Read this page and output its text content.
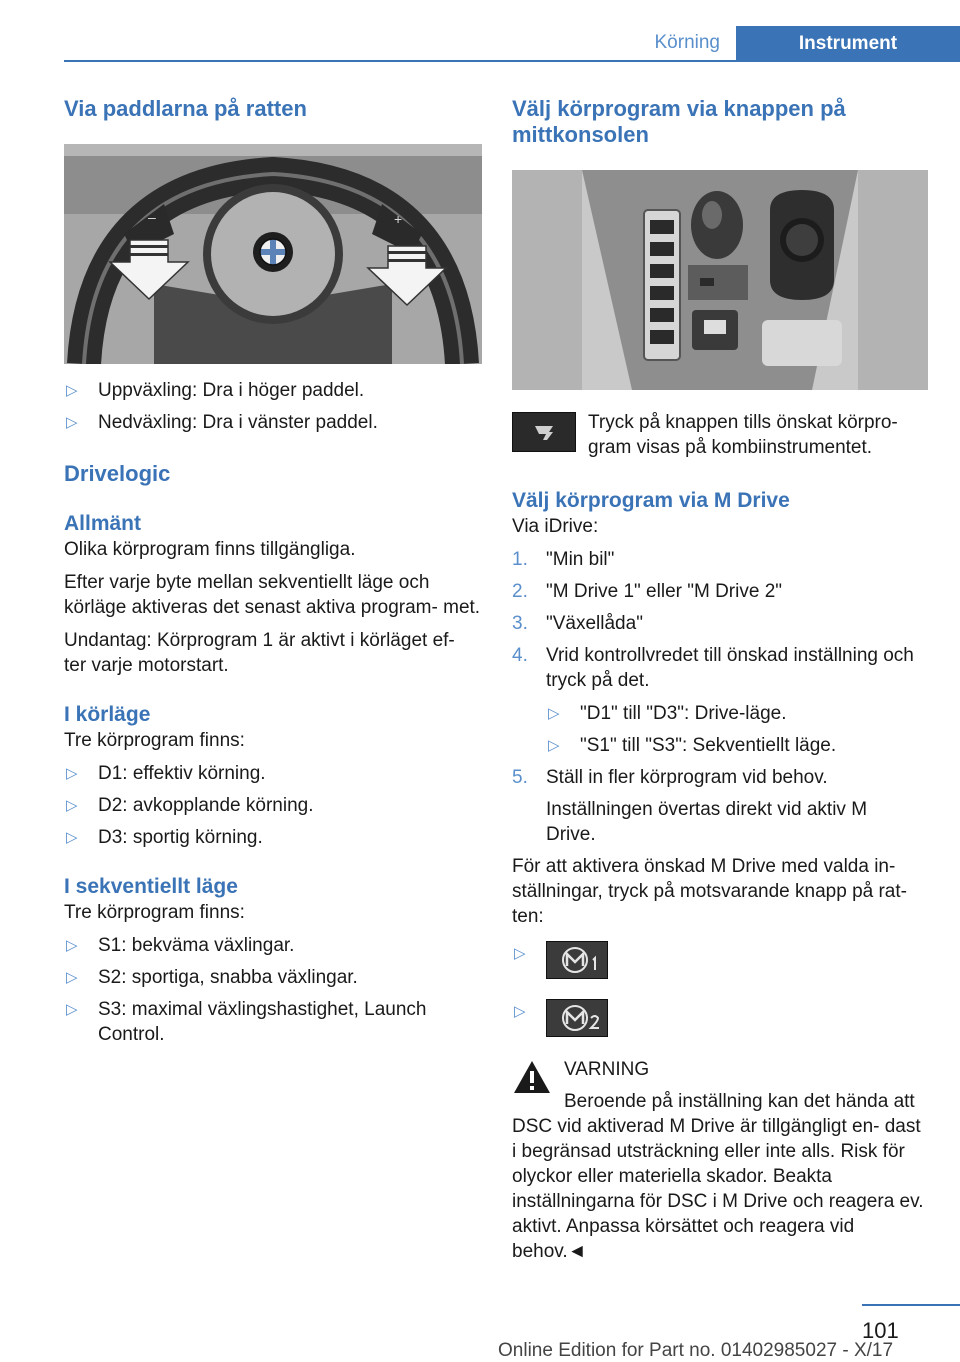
Körning	Instrument
Via paddlarna på ratten
–	+
▷ Uppväxling: Dra i höger paddel.
▷ Nedväxling: Dra i vänster paddel.
Drivelogic
Allmänt

Olika körprogram finns tillgängliga.

Efter varje byte mellan sekventiellt läge och körläge aktiveras det senast aktiva program- met.

Undantag: Körprogram 1 är aktivt i körläget ef- ter varje motorstart.

I körläge

Tre körprogram finns:

▷ D1: effektiv körning.
▷ D2: avkopplande körning.
▷ D3: sportig körning.
I sekventiellt läge

Tre körprogram finns:

▷ S1: bekväma växlingar.
▷ S2: sportiga, snabba växlingar.
▷ S3: maximal växlingshastighet, Launch Control.
Välj körprogram via knappen på mittkonsolen

Tryck på knappen tills önskat körpro- gram visas på kombiinstrumentet.

Välj körprogram via M Drive

Via iDrive:

1. "Min bil"
2. "M Drive 1" eller "M Drive 2"
3. "Växellåda"
4. Vrid kontrollvredet till önskad inställning och tryck på det.
▷ "D1" till "D3": Drive-läge.
▷ "S1" till "S3": Sekventiellt läge.
5. Ställ in fler körprogram vid behov.

Inställningen övertas direkt vid aktiv M Drive.

För att aktivera önskad M Drive med valda in- ställningar, tryck på motsvarande knapp på rat- ten:

▷
▷

VARNING

Beroende på inställning kan det hända att DSC vid aktiverad M Drive är tillgängligt en- dast i begränsad utsträckning eller inte alls. Risk för olyckor eller materiella skador. Beakta inställningarna för DSC i M Drive och reagera ev. aktivt. Anpassa körsättet och reagera vid behov.◄

101
Online Edition for Part no. 01402985027 - X/17
